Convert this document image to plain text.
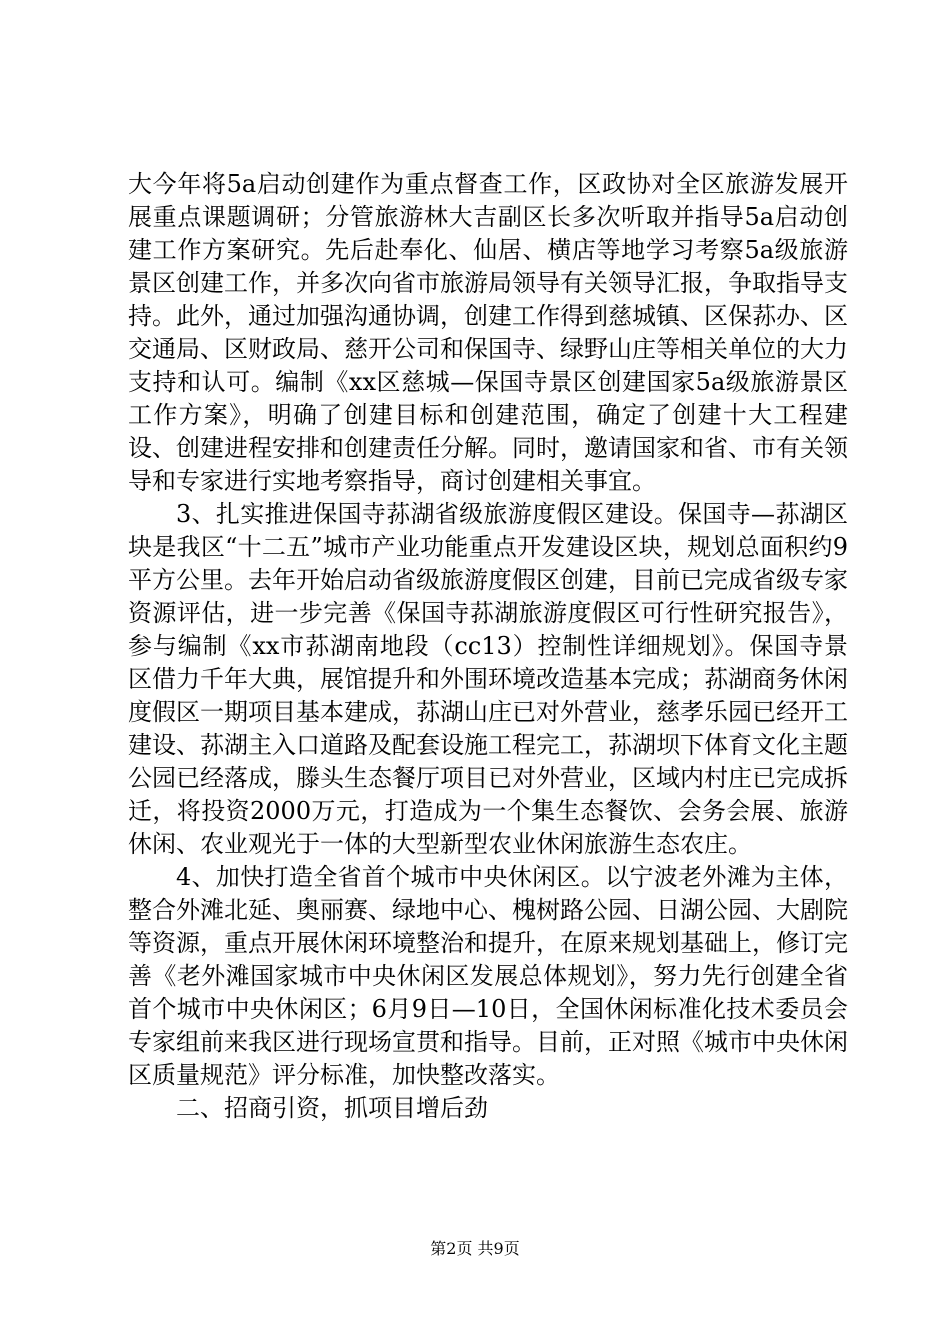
大今年将5a启动创建作为重点督查工作，区政协对全区旅游发展开展重点课题调研；分管旅游林大吉副区长多次听取并指导5a启动创建工作方案研究。先后赴奉化、仙居、横店等地学习考察5a级旅游景区创建工作，并多次向省市旅游局领导有关领导汇报，争取指导支持。此外，通过加强沟通协调，创建工作得到慈城镇、区保荪办、区交通局、区财政局、慈开公司和保国寺、绿野山庄等相关单位的大力支持和认可。编制《xx区慈城—保国寺景区创建国家5a级旅游景区工作方案》，明确了创建目标和创建范围，确定了创建十大工程建设、创建进程安排和创建责任分解。同时，邀请国家和省、市有关领导和专家进行实地考察指导，商讨创建相关事宜。

3、扎实推进保国寺荪湖省级旅游度假区建设。保国寺—荪湖区块是我区“十二五”城市产业功能重点开发建设区块，规划总面积约9平方公里。去年开始启动省级旅游度假区创建，目前已完成省级专家资源评估，进一步完善《保国寺荪湖旅游度假区可行性研究报告》，参与编制《xx市荪湖南地段（cc13）控制性详细规划》。保国寺景区借力千年大典，展馆提升和外围环境改造基本完成；荪湖商务休闲度假区一期项目基本建成，荪湖山庄已对外营业，慈孝乐园已经开工建设、荪湖主入口道路及配套设施工程完工，荪湖坝下体育文化主题公园已经落成，滕头生态餐厅项目已对外营业，区域内村庄已完成拆迁，将投资2000万元，打造成为一个集生态餐饮、会务会展、旅游休闲、农业观光于一体的大型新型农业休闲旅游生态农庄。

4、加快打造全省首个城市中央休闲区。以宁波老外滩为主体，整合外滩北延、奥丽赛、绿地中心、槐树路公园、日湖公园、大剧院等资源，重点开展休闲环境整治和提升，在原来规划基础上，修订完善《老外滩国家城市中央休闲区发展总体规划》，努力先行创建全省首个城市中央休闲区；6月9日—10日，全国休闲标准化技术委员会专家组前来我区进行现场宣贯和指导。目前，正对照《城市中央休闲区质量规范》评分标准，加快整改落实。

二、招商引资，抓项目增后劲

第2页 共9页
